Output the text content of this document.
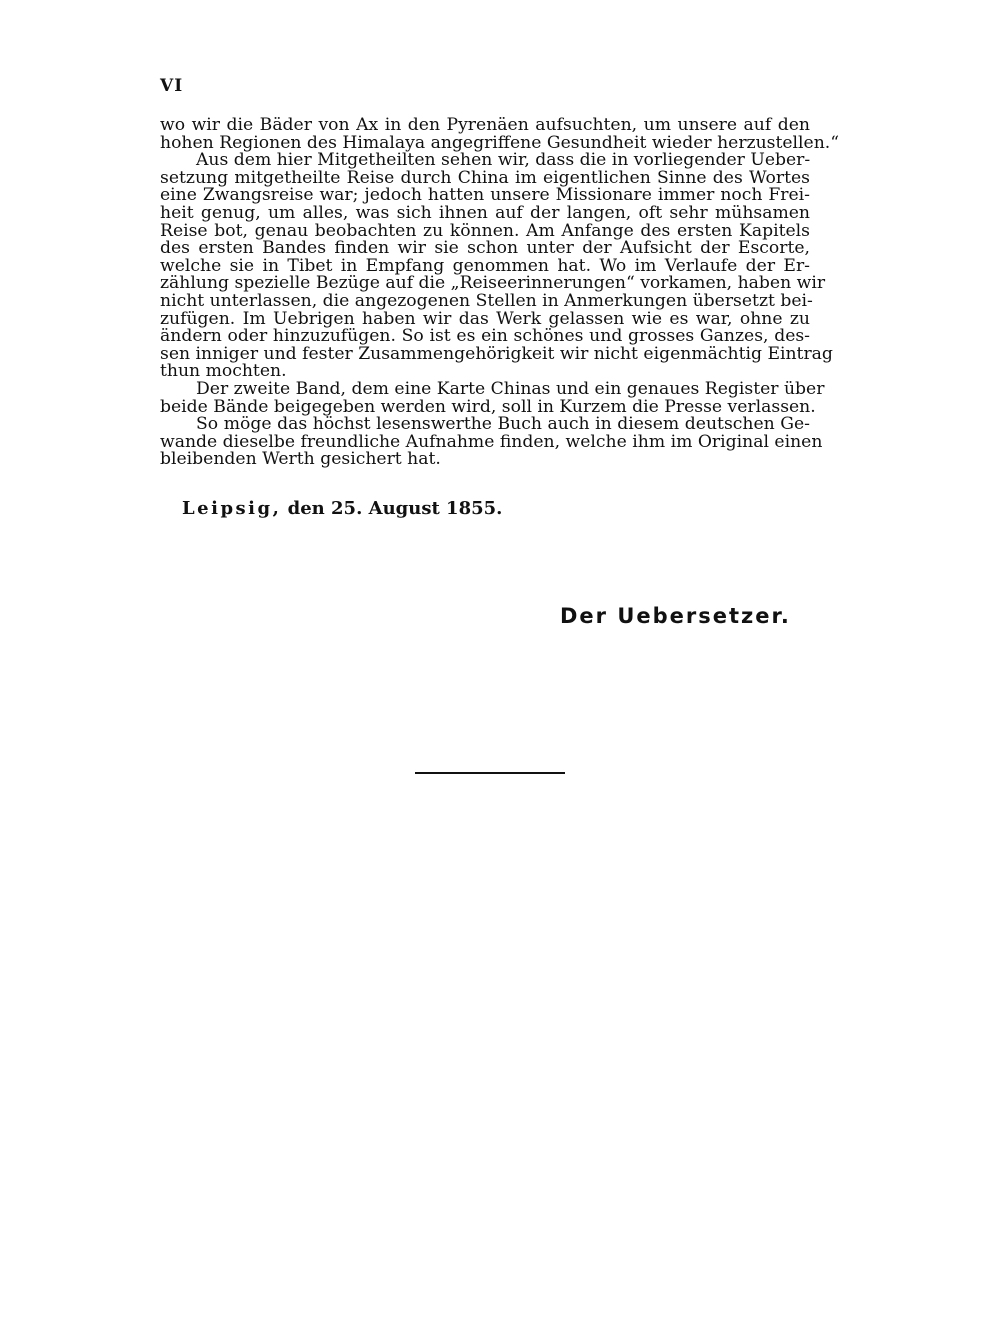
VI
wo wir die Bäder von Ax in den Pyrenäen aufsuchten, um unsere auf den
hohen Regionen des Himalaya angegriffene Gesundheit wieder herzustellen.“
Aus dem hier Mitgetheilten sehen wir, dass die in vorliegender Ueber-
setzung mitgetheilte Reise durch China im eigentlichen Sinne des Wortes
eine Zwangsreise war; jedoch hatten unsere Missionare immer noch Frei-
heit genug, um alles, was sich ihnen auf der langen, oft sehr mühsamen
Reise bot, genau beobachten zu können. Am Anfange des ersten Kapitels
des ersten Bandes finden wir sie schon unter der Aufsicht der Escorte,
welche sie in Tibet in Empfang genommen hat. Wo im Verlaufe der Er-
zählung spezielle Bezüge auf die „Reiseerinnerungen“ vorkamen, haben wir
nicht unterlassen, die angezogenen Stellen in Anmerkungen übersetzt bei-
zufügen. Im Uebrigen haben wir das Werk gelassen wie es war, ohne zu
ändern oder hinzuzufügen. So ist es ein schönes und grosses Ganzes, des-
sen inniger und fester Zusammengehörigkeit wir nicht eigenmächtig Eintrag
thun mochten.
Der zweite Band, dem eine Karte Chinas und ein genaues Register über
beide Bände beigegeben werden wird, soll in Kurzem die Presse verlassen.
So möge das höchst lesenswerthe Buch auch in diesem deutschen Ge-
wande dieselbe freundliche Aufnahme finden, welche ihm im Original einen
bleibenden Werth gesichert hat.
Leipsig, den 25. August 1855.
Der Uebersetzer.
